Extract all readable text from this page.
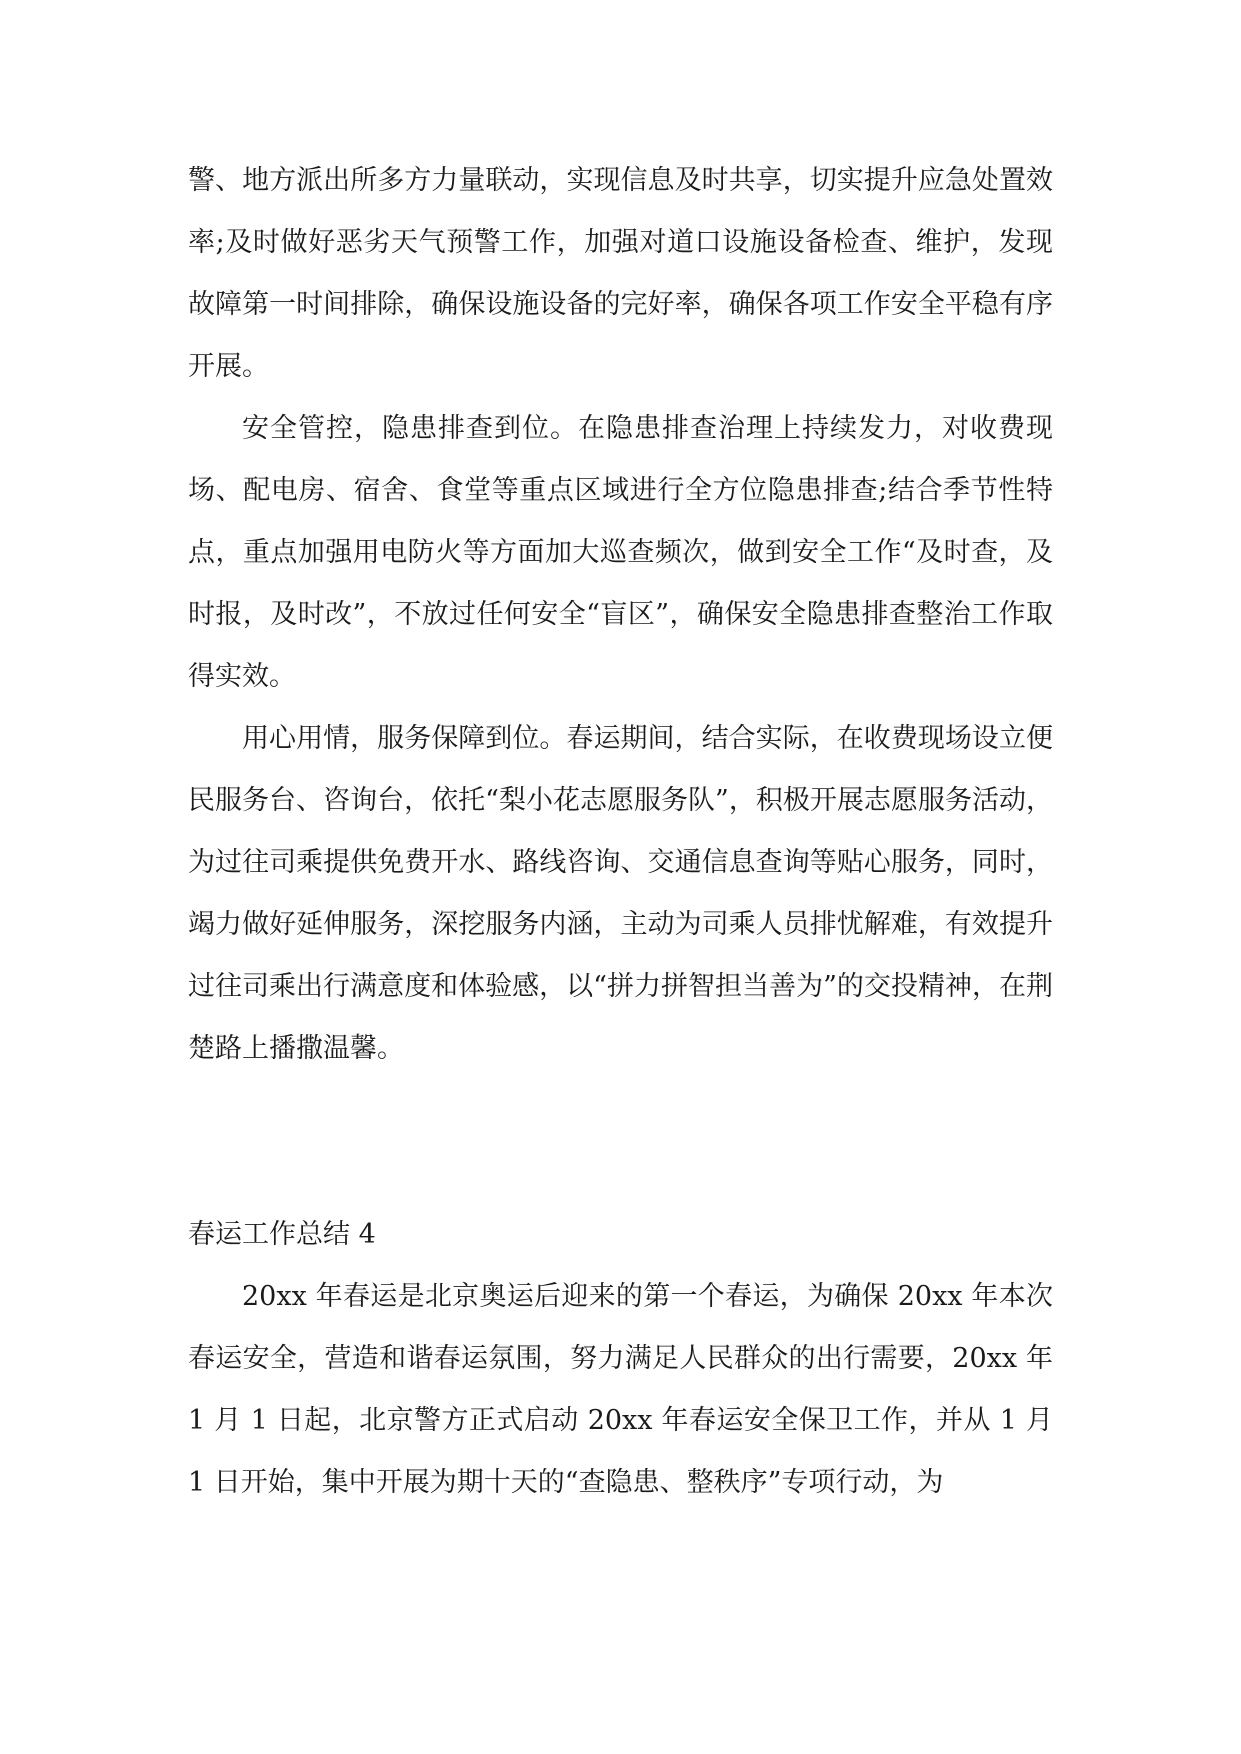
警、地方派出所多方力量联动，实现信息及时共享，切实提升应急处置效率;及时做好恶劣天气预警工作，加强对道口设施设备检查、维护，发现故障第一时间排除，确保设施设备的完好率，确保各项工作安全平稳有序开展。

安全管控，隐患排查到位。在隐患排查治理上持续发力，对收费现场、配电房、宿舍、食堂等重点区域进行全方位隐患排查;结合季节性特点，重点加强用电防火等方面加大巡查频次，做到安全工作“及时查，及时报，及时改”，不放过任何安全“盲区”，确保安全隐患排查整治工作取得实效。

用心用情，服务保障到位。春运期间，结合实际，在收费现场设立便民服务台、咨询台，依托“梨小花志愿服务队”，积极开展志愿服务活动，为过往司乘提供免费开水、路线咨询、交通信息查询等贴心服务，同时，竭力做好延伸服务，深挖服务内涵，主动为司乘人员排忧解难，有效提升过往司乘出行满意度和体验感，以“拼力拼智担当善为”的交投精神，在荆楚路上播撒温馨。

春运工作总结 4

20xx 年春运是北京奥运后迎来的第一个春运，为确保 20xx 年本次春运安全，营造和谐春运氛围，努力满足人民群众的出行需要，20xx 年 1 月 1 日起，北京警方正式启动 20xx 年春运安全保卫工作，并从 1 月 1 日开始，集中开展为期十天的“查隐患、整秩序”专项行动，为
